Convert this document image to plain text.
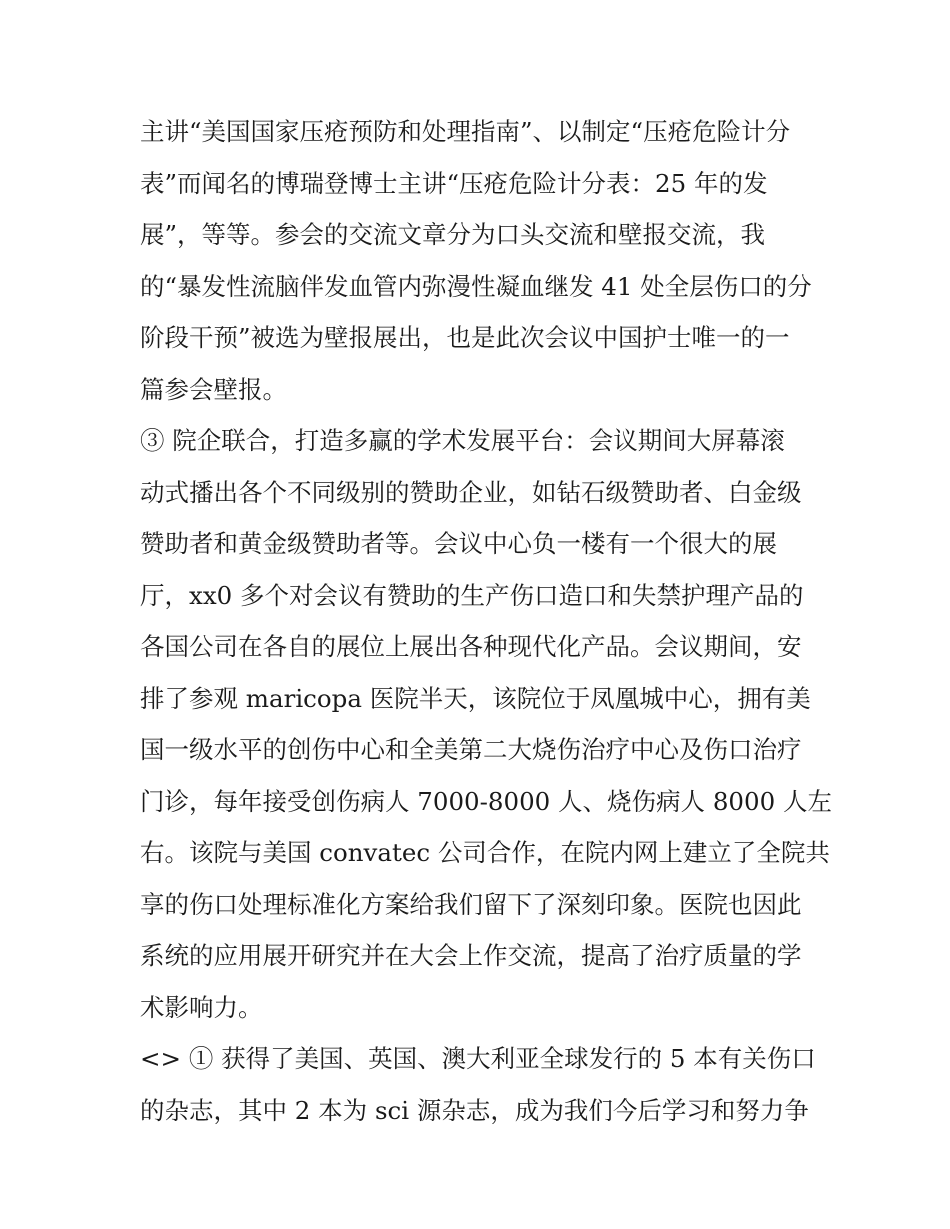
主讲“美国国家压疮预防和处理指南”、以制定“压疮危险计分
表”而闻名的博瑞登博士主讲“压疮危险计分表：25 年的发
展”，等等。参会的交流文章分为口头交流和壁报交流，我
的“暴发性流脑伴发血管内弥漫性凝血继发 41 处全层伤口的分
阶段干预”被选为壁报展出，也是此次会议中国护士唯一的一
篇参会壁报。
③ 院企联合，打造多赢的学术发展平台：会议期间大屏幕滚
动式播出各个不同级别的赞助企业，如钻石级赞助者、白金级
赞助者和黄金级赞助者等。会议中心负一楼有一个很大的展
厅，xx0 多个对会议有赞助的生产伤口造口和失禁护理产品的
各国公司在各自的展位上展出各种现代化产品。会议期间，安
排了参观 maricopa 医院半天，该院位于凤凰城中心，拥有美
国一级水平的创伤中心和全美第二大烧伤治疗中心及伤口治疗
门诊，每年接受创伤病人 7000-8000 人、烧伤病人 8000 人左
右。该院与美国 convatec 公司合作，在院内网上建立了全院共
享的伤口处理标准化方案给我们留下了深刻印象。医院也因此
系统的应用展开研究并在大会上作交流，提高了治疗质量的学
术影响力。
<> ① 获得了美国、英国、澳大利亚全球发行的 5 本有关伤口
的杂志，其中 2 本为 sci 源杂志，成为我们今后学习和努力争
